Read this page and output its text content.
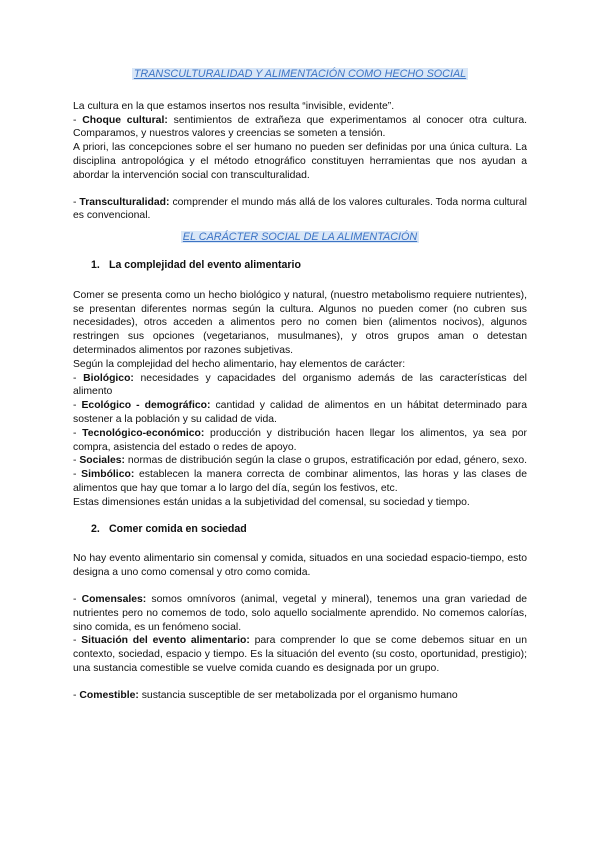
TRANSCULTURALIDAD Y ALIMENTACIÓN COMO HECHO SOCIAL

La cultura en la que estamos insertos nos resulta “invisible, evidente”.

- Choque cultural: sentimientos de extrañeza que experimentamos al conocer otra cultura. Comparamos, y nuestros valores y creencias se someten a tensión.

A priori, las concepciones sobre el ser humano no pueden ser definidas por una única cultura. La disciplina antropológica y el método etnográfico constituyen herramientas que nos ayudan a abordar la intervención social con transculturalidad.

- Transculturalidad: comprender el mundo más allá de los valores culturales. Toda norma cultural es convencional.

EL CARÁCTER SOCIAL DE LA ALIMENTACIÓN
1. La complejidad del evento alimentario

Comer se presenta como un hecho biológico y natural, (nuestro metabolismo requiere nutrientes), se presentan diferentes normas según la cultura. Algunos no pueden comer (no cubren sus necesidades), otros acceden a alimentos pero no comen bien (alimentos nocivos), algunos restringen sus opciones (vegetarianos, musulmanes), y otros grupos aman o detestan determinados alimentos por razones subjetivas.

Según la complejidad del hecho alimentario, hay elementos de carácter:

- Biológico: necesidades y capacidades del organismo además de las características del alimento

- Ecológico - demográfico: cantidad y calidad de alimentos en un hábitat determinado para sostener a la población y su calidad de vida.

- Tecnológico-económico: producción y distribución hacen llegar los alimentos, ya sea por compra, asistencia del estado o redes de apoyo.

- Sociales: normas de distribución según la clase o grupos, estratificación por edad, género, sexo.

- Simbólico: establecen la manera correcta de combinar alimentos, las horas y las clases de alimentos que hay que tomar a lo largo del día, según los festivos, etc.

Estas dimensiones están unidas a la subjetividad del comensal, su sociedad y tiempo.

2. Comer comida en sociedad

No hay evento alimentario sin comensal y comida, situados en una sociedad espacio-tiempo, esto designa a uno como comensal y otro como comida.

- Comensales: somos omnívoros (animal, vegetal y mineral), tenemos una gran variedad de nutrientes pero no comemos de todo, solo aquello socialmente aprendido. No comemos calorías, sino comida, es un fenómeno social.

- Situación del evento alimentario: para comprender lo que se come debemos situar en un contexto, sociedad, espacio y tiempo. Es la situación del evento (su costo, oportunidad, prestigio); una sustancia comestible se vuelve comida cuando es designada por un grupo.

- Comestible: sustancia susceptible de ser metabolizada por el organismo humano
